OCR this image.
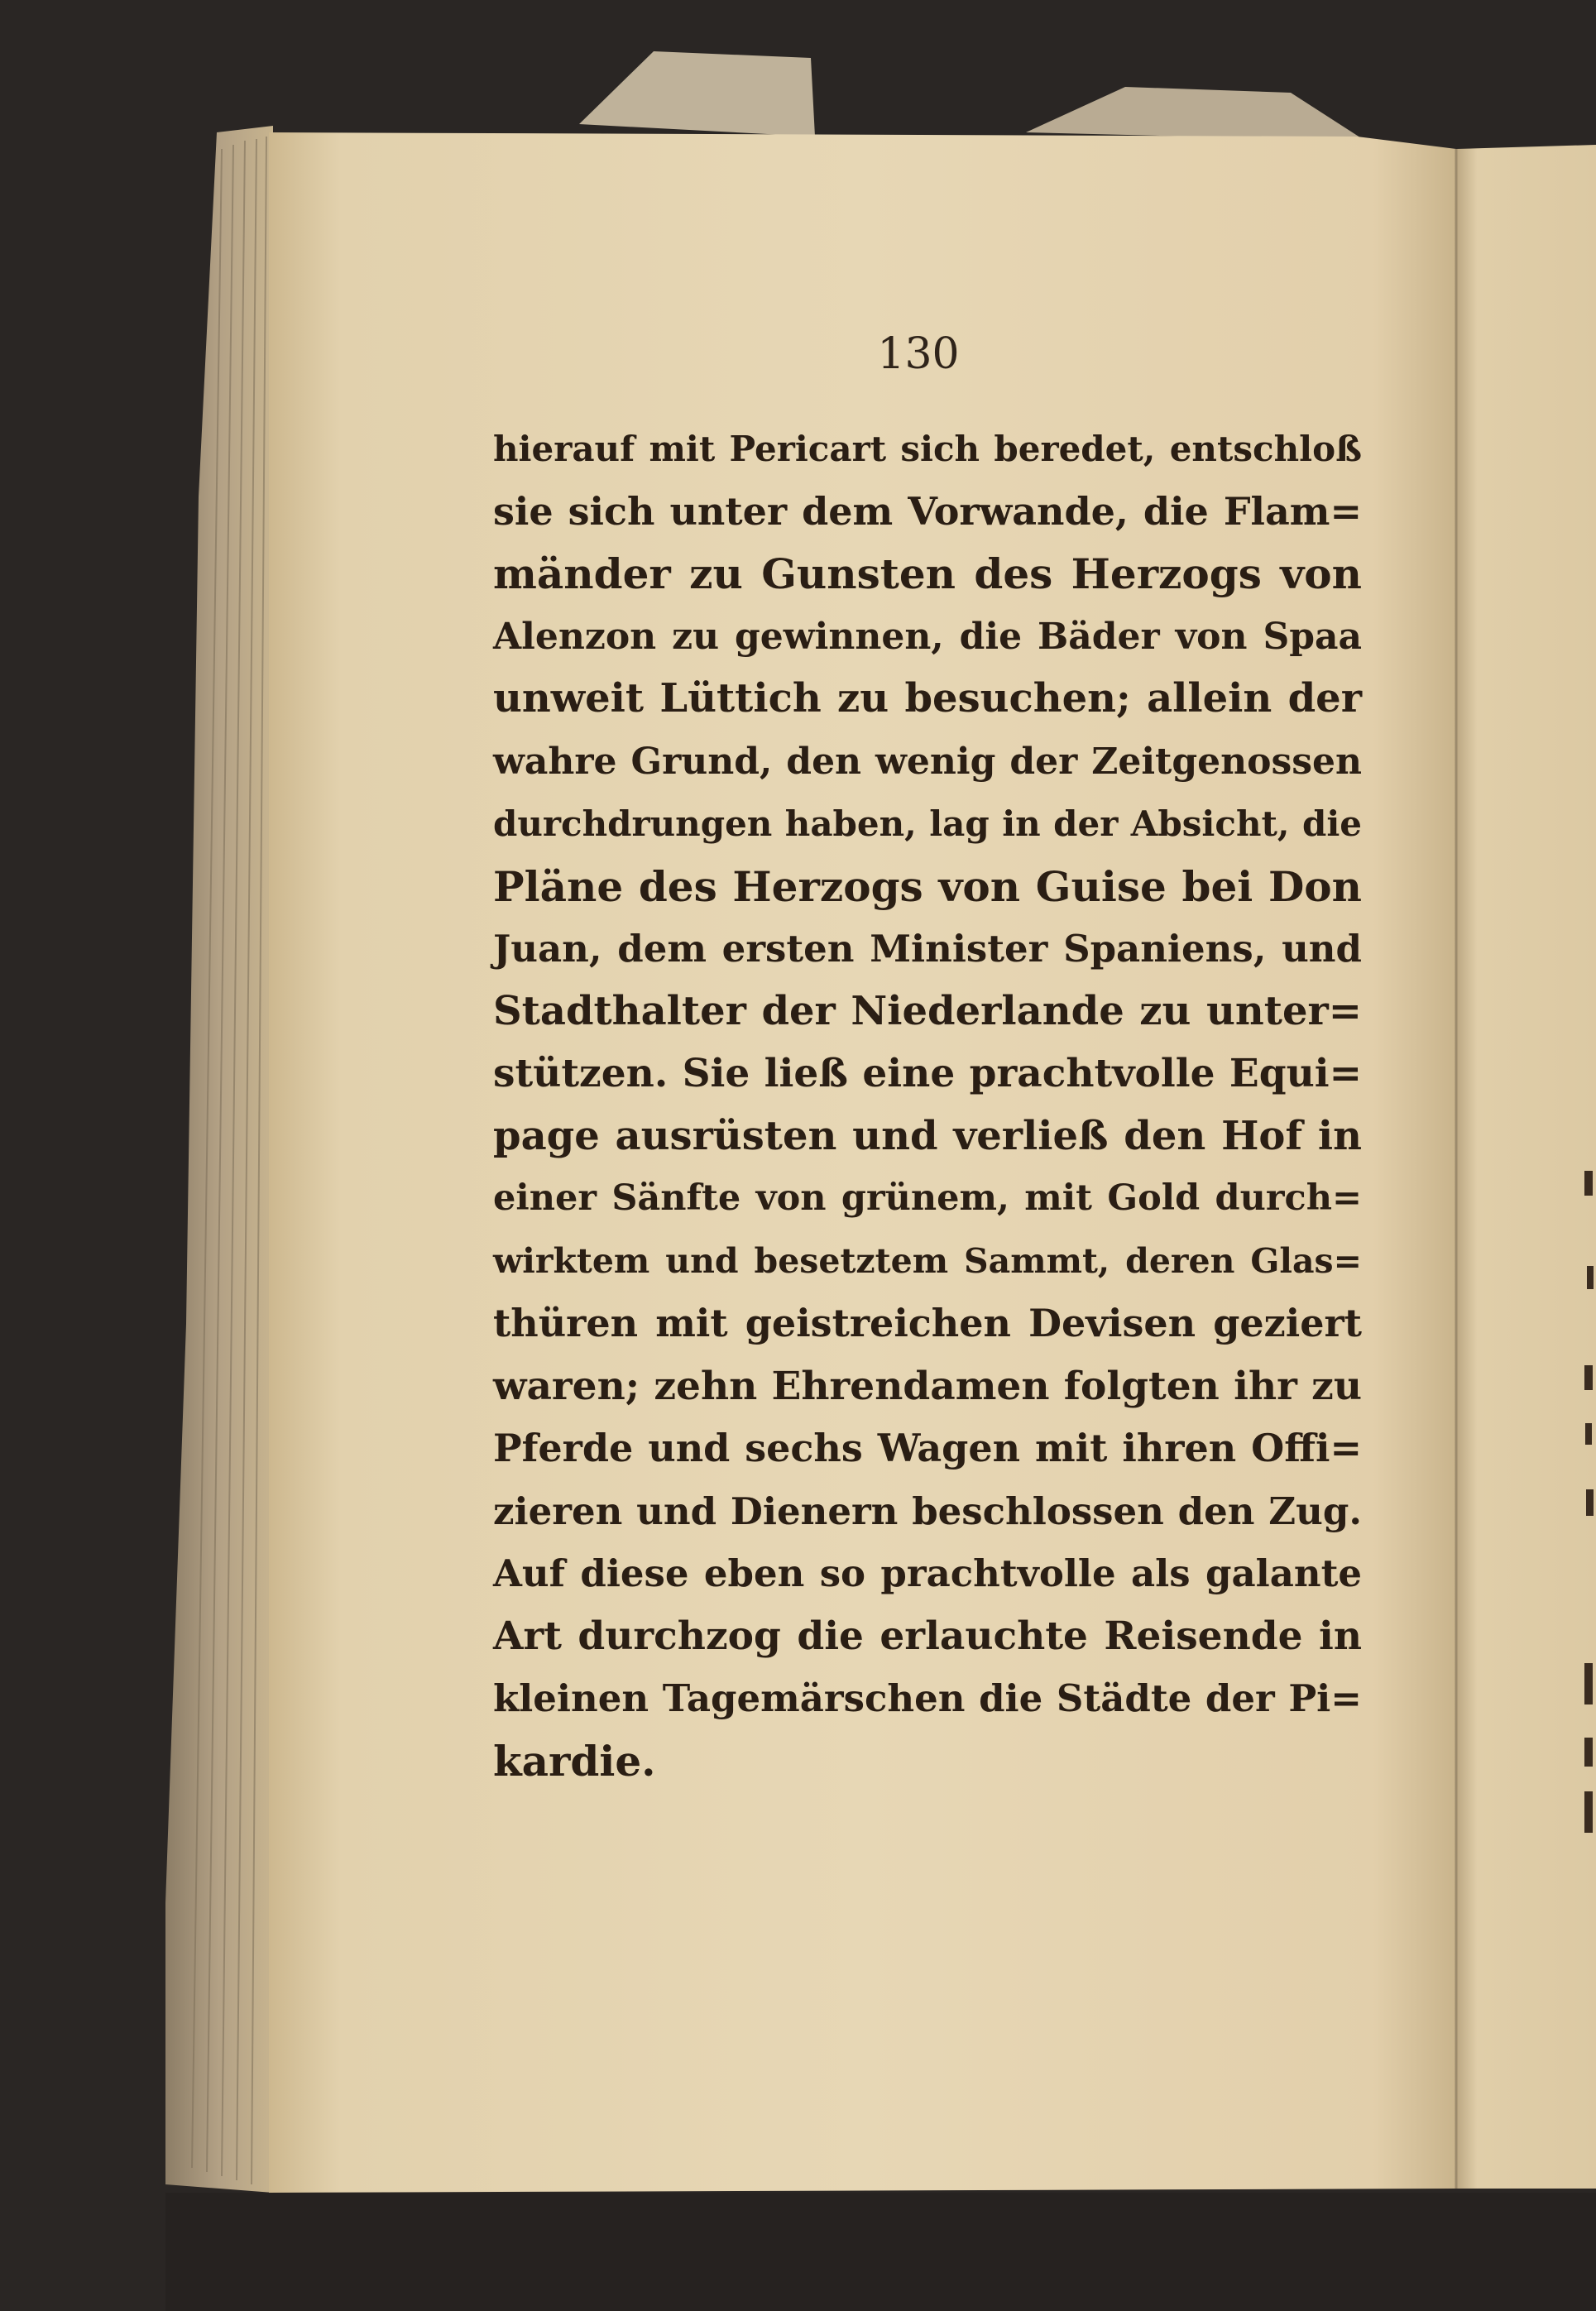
130
hierauf mit Pericart sich beredet, entschloß
sie sich unter dem Vorwande, die Flam=
mänder zu Gunsten des Herzogs von
Alenzon zu gewinnen, die Bäder von Spaa
unweit Lüttich zu besuchen; allein der
wahre Grund, den wenig der Zeitgenossen
durchdrungen haben, lag in der Absicht, die
Pläne des Herzogs von Guise bei Don
Juan, dem ersten Minister Spaniens, und
Stadthalter der Niederlande zu unter=
stützen. Sie ließ eine prachtvolle Equi=
page ausrüsten und verließ den Hof in
einer Sänfte von grünem, mit Gold durch=
wirktem und besetztem Sammt, deren Glas=
thüren mit geistreichen Devisen geziert
waren; zehn Ehrendamen folgten ihr zu
Pferde und sechs Wagen mit ihren Offi=
zieren und Dienern beschlossen den Zug.
Auf diese eben so prachtvolle als galante
Art durchzog die erlauchte Reisende in
kleinen Tagemärschen die Städte der Pi=
kardie.
